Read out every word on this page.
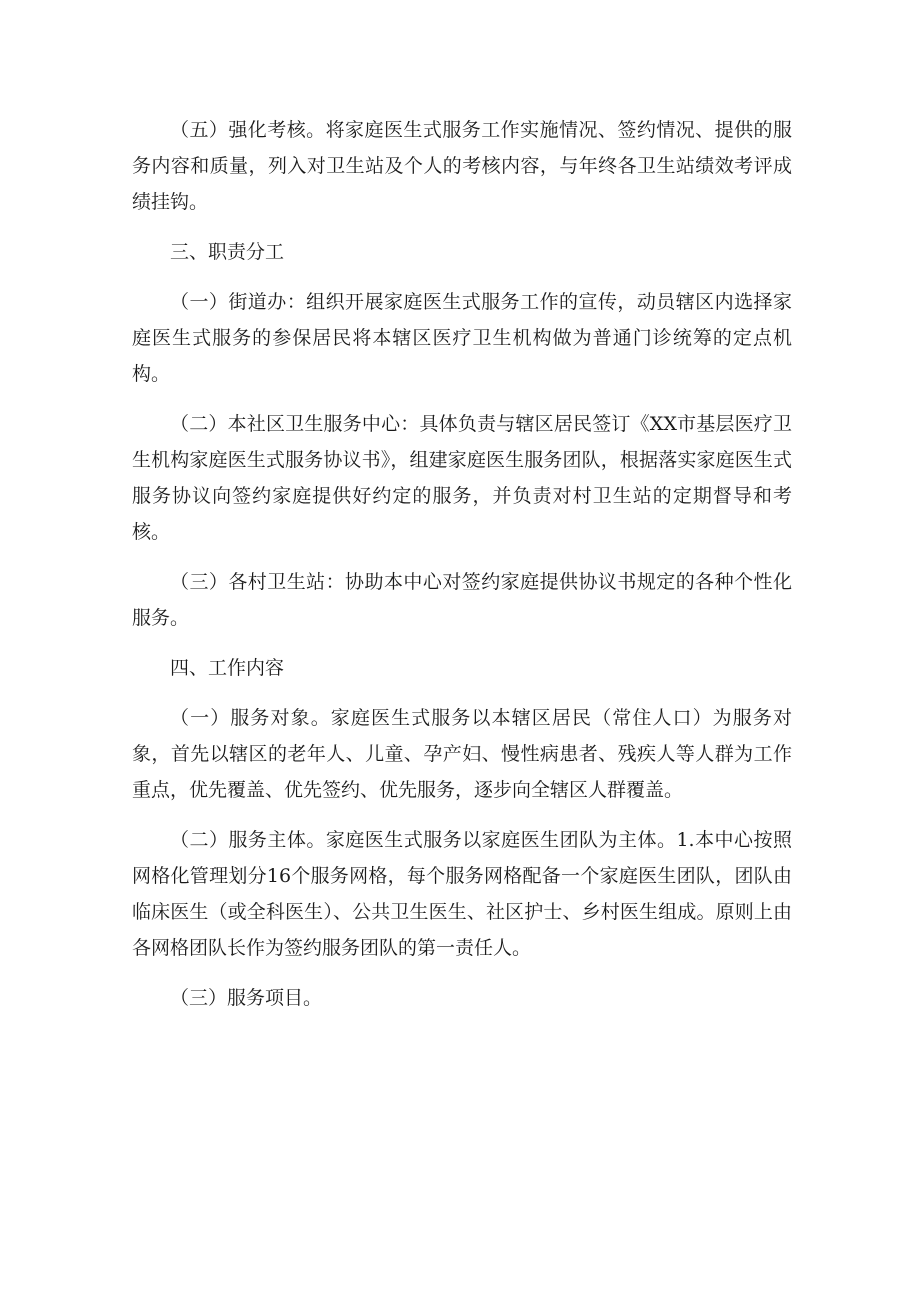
（五）强化考核。将家庭医生式服务工作实施情况、签约情况、提供的服务内容和质量，列入对卫生站及个人的考核内容，与年终各卫生站绩效考评成绩挂钩。

三、职责分工

（一）街道办：组织开展家庭医生式服务工作的宣传，动员辖区内选择家庭医生式服务的参保居民将本辖区医疗卫生机构做为普通门诊统筹的定点机构。

（二）本社区卫生服务中心：具体负责与辖区居民签订《XX市基层医疗卫生机构家庭医生式服务协议书》，组建家庭医生服务团队，根据落实家庭医生式服务协议向签约家庭提供好约定的服务，并负责对村卫生站的定期督导和考核。

（三）各村卫生站：协助本中心对签约家庭提供协议书规定的各种个性化服务。

四、工作内容

（一）服务对象。家庭医生式服务以本辖区居民（常住人口）为服务对象，首先以辖区的老年人、儿童、孕产妇、慢性病患者、残疾人等人群为工作重点，优先覆盖、优先签约、优先服务，逐步向全辖区人群覆盖。

（二）服务主体。家庭医生式服务以家庭医生团队为主体。1.本中心按照网格化管理划分16个服务网格，每个服务网格配备一个家庭医生团队，团队由临床医生（或全科医生）、公共卫生医生、社区护士、乡村医生组成。原则上由各网格团队长作为签约服务团队的第一责任人。

（三）服务项目。
